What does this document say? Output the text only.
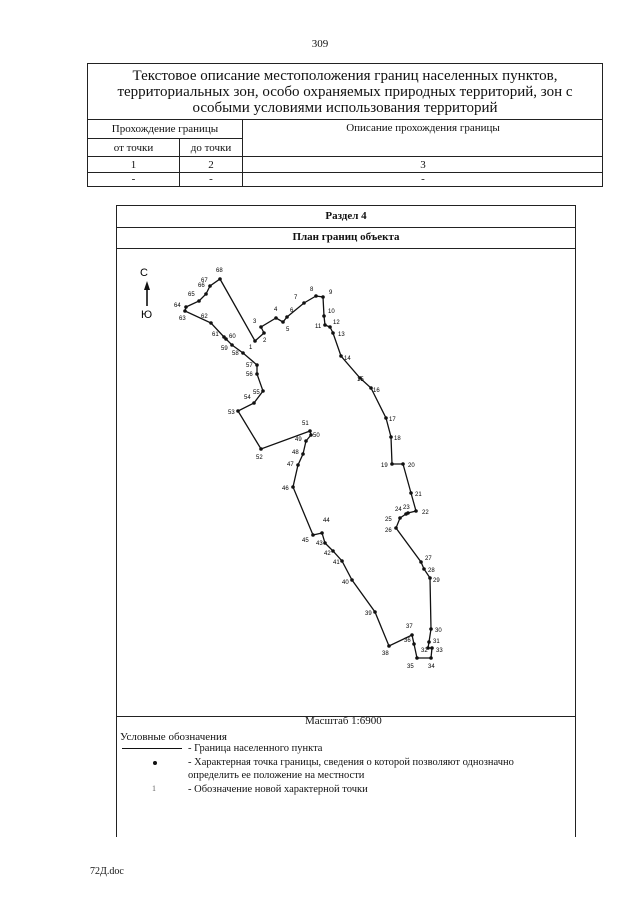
309
Текстовое описание местоположения границ населенных пунктов,
территориальных зон, особо охраняемых природных территорий, зон с
особыми условиями использования территорий
Прохождение границы	Описание прохождения границы
от точки	до точки
1	2	3
-	-	-
Раздел 4
План границ объекта
С
Ю
1
2
3
4
5
6
7
8	9
10
11
12
13
14
15
16
17
18
19	20
21
22
23
24
25
26
27
28
29
30
31
32 33
34
35
36
37
38
39
40
41
42
43
44
45
46
47
48
49
50
51
52
53
54
55
56
57
58
59
60
61
62
63
64
65
66
67
68
Масштаб 1:6900
Условные обозначения
- Граница населенного пункта
- Характерная точка границы, сведения о которой позволяют однозначно определить ее положение на местности
1	- Обозначение новой характерной точки
72Д.doc
